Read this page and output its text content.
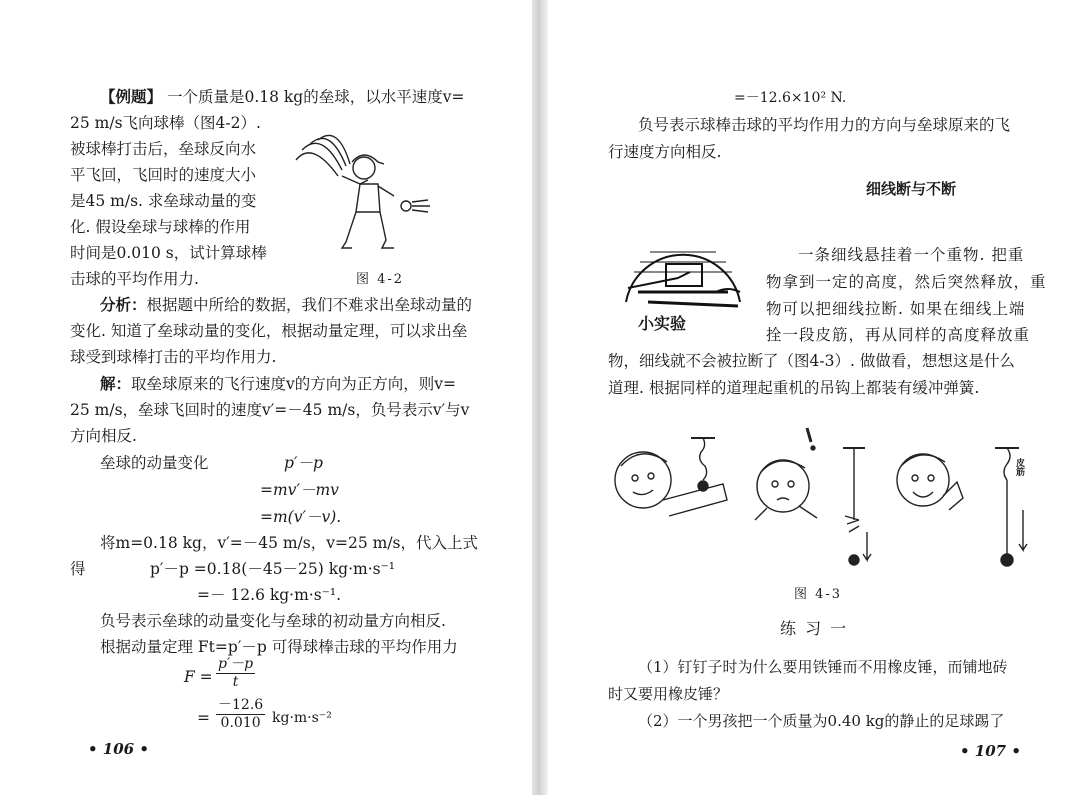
【例题】 一个质量是0.18 kg的垒球，以水平速度v=
25 m/s飞向球棒（图4-2）.
被球棒打击后，垒球反向水
平飞回，飞回时的速度大小
是45 m/s. 求垒球动量的变
化. 假设垒球与球棒的作用
时间是0.010 s，试计算球棒
击球的平均作用力.	图 4-2
分析：根据题中所给的数据，我们不难求出垒球动量的
变化. 知道了垒球动量的变化，根据动量定理，可以求出垒
球受到球棒打击的平均作用力.
解：取垒球原来的飞行速度v的方向为正方向，则v=
25 m/s，垒球飞回时的速度v′=－45 m/s，负号表示v′与v
方向相反.
垒球的动量变化	p′－p
=mv′－mv
=m(v′－v).
将m=0.18 kg，v′=－45 m/s，v=25 m/s，代入上式
得	p′－p =0.18(－45－25) kg·m·s⁻¹
=－ 12.6 kg·m·s⁻¹.
负号表示垒球的动量变化与垒球的初动量方向相反.
根据动量定理 Ft=p′－p 可得球棒击球的平均作用力
$F = \frac{p'-p}{t}$
= $\frac{-12.6}{0.010} kg\cdot m\cdot s^{-2}$
• 106 •
=－12.6×10² N.
负号表示球棒击球的平均作用力的方向与垒球原来的飞
行速度方向相反.
细线断与不断
小实验
一条细线悬挂着一个重物. 把重
物拿到一定的高度，然后突然释放，重
物可以把细线拉断. 如果在细线上端
拴一段皮筋，再从同样的高度释放重
物，细线就不会被拉断了（图4-3）. 做做看，想想这是什么
道理. 根据同样的道理起重机的吊钩上都装有缓冲弹簧.
皮筋
图 4-3
练 习 一
（1）钉钉子时为什么要用铁锤而不用橡皮锤，而铺地砖
时又要用橡皮锤？
（2）一个男孩把一个质量为0.40 kg的静止的足球踢了
• 107 •
